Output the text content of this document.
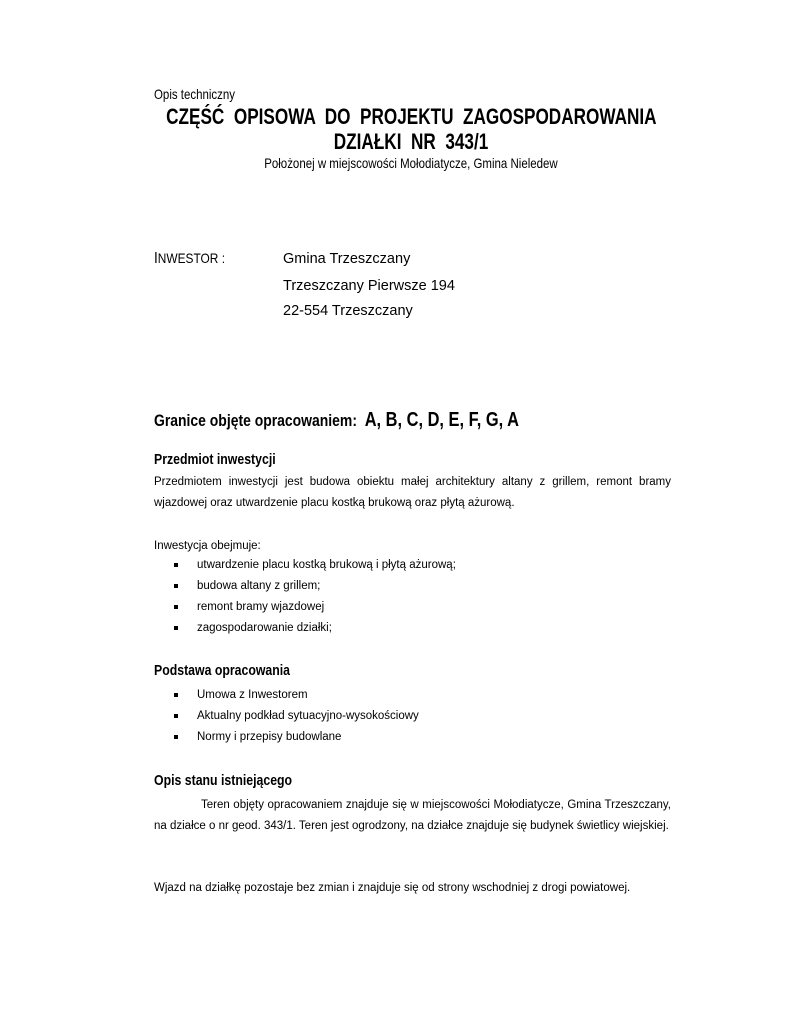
Opis techniczny
CZĘŚĆ  OPISOWA  DO  PROJEKTU  ZAGOSPODAROWANIA
DZIAŁKI  NR  343/1
Położonej w miejscowości Mołodiatycze, Gmina Nieledew
INWESTOR :	Gmina Trzeszczany
Trzeszczany Pierwsze 194
22-554 Trzeszczany
Granice objęte opracowaniem: A, B, C, D, E, F, G, A
Przedmiot inwestycji
Przedmiotem inwestycji jest budowa obiektu małej architektury altany z grillem, remont bramy wjazdowej oraz utwardzenie placu kostką brukową oraz płytą ażurową.
Inwestycja obejmuje:
utwardzenie placu kostką brukową i płytą ażurową;
budowa altany z grillem;
remont bramy wjazdowej
zagospodarowanie działki;
Podstawa opracowania
Umowa z Inwestorem
Aktualny podkład sytuacyjno-wysokościowy
Normy i przepisy budowlane
Opis stanu istniejącego
Teren objęty opracowaniem znajduje się w miejscowości Mołodiatycze, Gmina Trzeszczany, na działce o nr geod. 343/1. Teren jest ogrodzony, na działce znajduje się budynek świetlicy wiejskiej.
Wjazd na działkę pozostaje bez zmian i znajduje się od strony wschodniej z drogi powiatowej.
